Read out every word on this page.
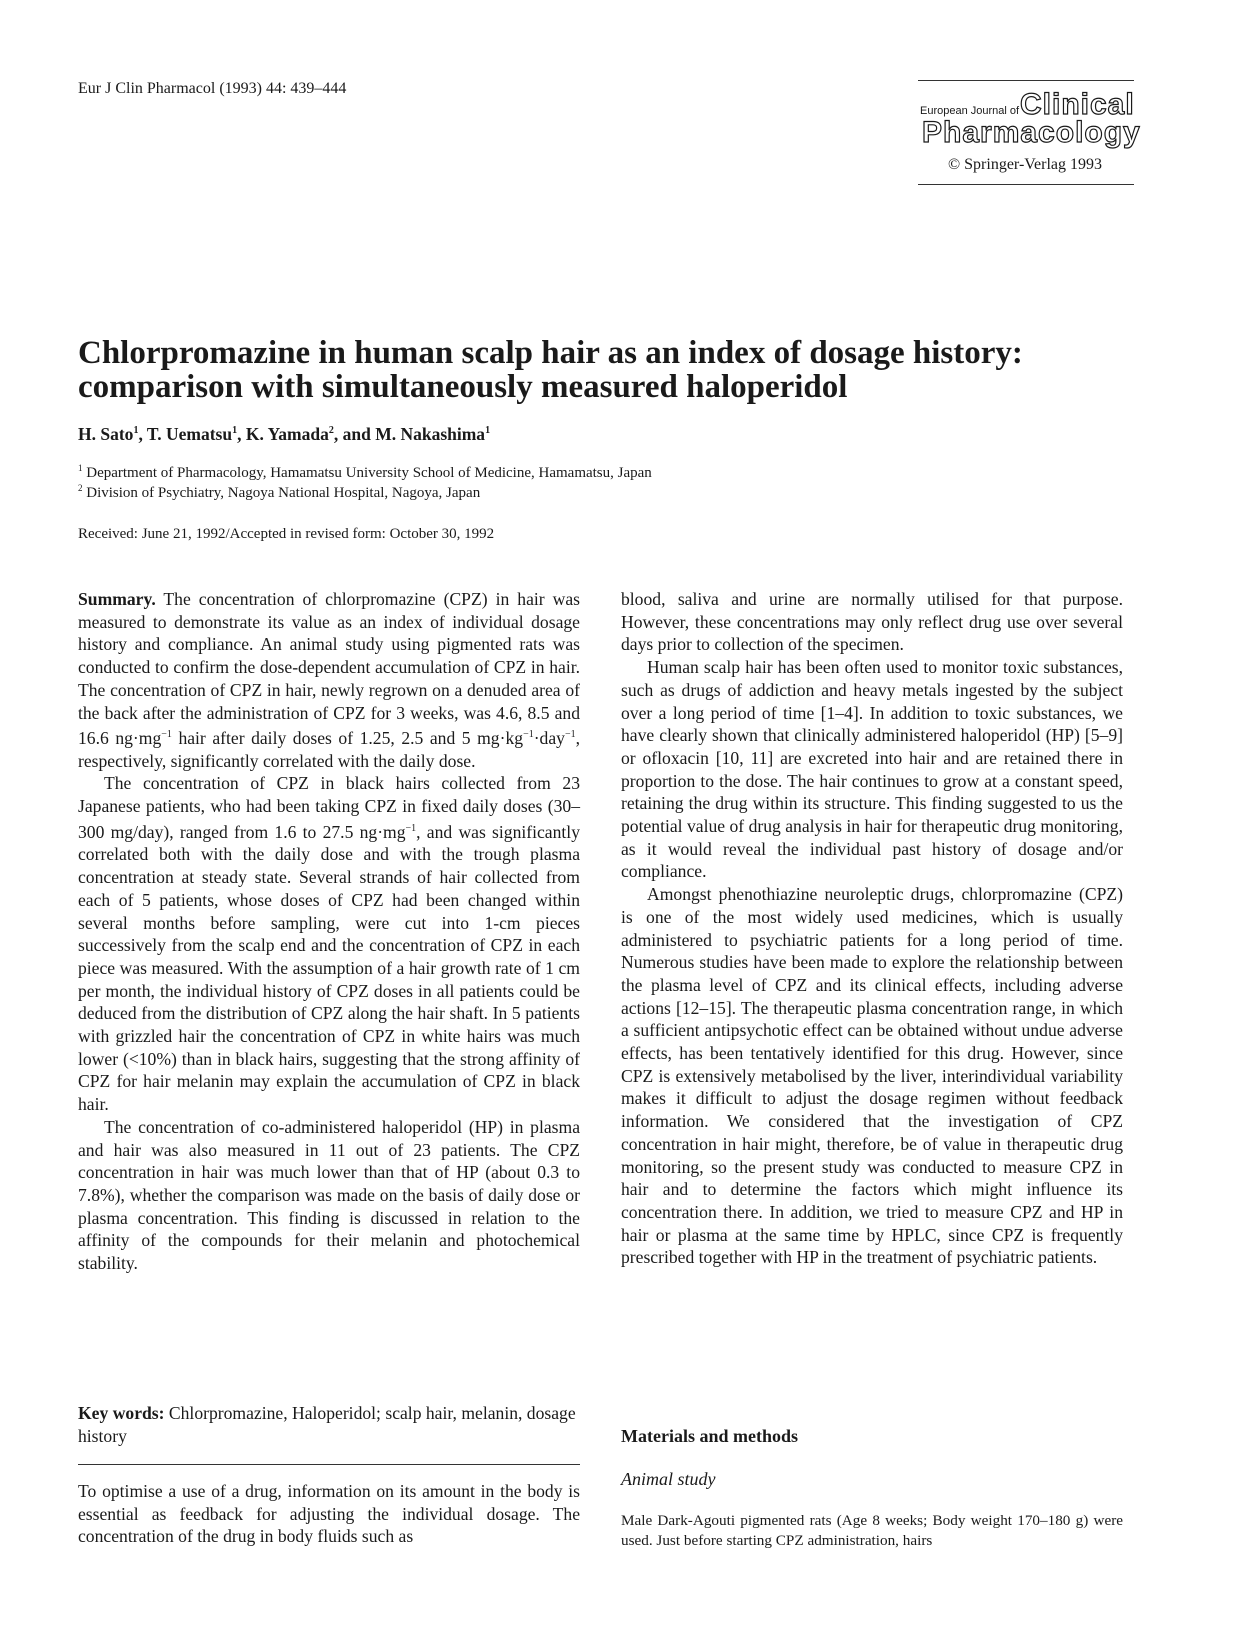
Eur J Clin Pharmacol (1993) 44: 439–444
European Journal of Clinical
Pharmacology
© Springer-Verlag 1993
Chlorpromazine in human scalp hair as an index of dosage history:
comparison with simultaneously measured haloperidol
H. Sato$^1$, T. Uematsu$^1$, K. Yamada$^2$, and M. Nakashima$^1$
$^1$ Department of Pharmacology, Hamamatsu University School of Medicine, Hamamatsu, Japan
$^2$ Division of Psychiatry, Nagoya National Hospital, Nagoya, Japan
Received: June 21, 1992/Accepted in revised form: October 30, 1992

Summary. The concentration of chlorpromazine (CPZ) in hair was measured to demonstrate its value as an index of individual dosage history and compliance. An animal study using pigmented rats was conducted to confirm the dose-dependent accumulation of CPZ in hair. The concentration of CPZ in hair, newly regrown on a denuded area of the back after the administration of CPZ for 3 weeks, was 4.6, 8.5 and 16.6 $ng\cdot mg^{-1}$ hair after daily doses of 1.25, 2.5 and 5 $mg\cdot kg^{-1}\cdot day^{-1}$, respectively, significantly correlated with the daily dose.

The concentration of CPZ in black hairs collected from 23 Japanese patients, who had been taking CPZ in fixed daily doses (30–300 mg/day), ranged from 1.6 to 27.5 $ng\cdot mg^{-1}$, and was significantly correlated both with the daily dose and with the trough plasma concentration at steady state. Several strands of hair collected from each of 5 patients, whose doses of CPZ had been changed within several months before sampling, were cut into 1-cm pieces successively from the scalp end and the concentration of CPZ in each piece was measured. With the assumption of a hair growth rate of 1 cm per month, the individual history of CPZ doses in all patients could be deduced from the distribution of CPZ along the hair shaft. In 5 patients with grizzled hair the concentration of CPZ in white hairs was much lower (<10%) than in black hairs, suggesting that the strong affinity of CPZ for hair melanin may explain the accumulation of CPZ in black hair.

The concentration of co-administered haloperidol (HP) in plasma and hair was also measured in 11 out of 23 patients. The CPZ concentration in hair was much lower than that of HP (about 0.3 to 7.8%), whether the comparison was made on the basis of daily dose or plasma concentration. This finding is discussed in relation to the affinity of the compounds for their melanin and photochemical stability.

Key words: Chlorpromazine, Haloperidol; scalp hair, melanin, dosage history

To optimise a use of a drug, information on its amount in the body is essential as feedback for adjusting the individual dosage. The concentration of the drug in body fluids such as

blood, saliva and urine are normally utilised for that purpose. However, these concentrations may only reflect drug use over several days prior to collection of the specimen.

Human scalp hair has been often used to monitor toxic substances, such as drugs of addiction and heavy metals ingested by the subject over a long period of time [1–4]. In addition to toxic substances, we have clearly shown that clinically administered haloperidol (HP) [5–9] or ofloxacin [10, 11] are excreted into hair and are retained there in proportion to the dose. The hair continues to grow at a constant speed, retaining the drug within its structure. This finding suggested to us the potential value of drug analysis in hair for therapeutic drug monitoring, as it would reveal the individual past history of dosage and/or compliance.

Amongst phenothiazine neuroleptic drugs, chlorpromazine (CPZ) is one of the most widely used medicines, which is usually administered to psychiatric patients for a long period of time. Numerous studies have been made to explore the relationship between the plasma level of CPZ and its clinical effects, including adverse actions [12–15]. The therapeutic plasma concentration range, in which a sufficient antipsychotic effect can be obtained without undue adverse effects, has been tentatively identified for this drug. However, since CPZ is extensively metabolised by the liver, interindividual variability makes it difficult to adjust the dosage regimen without feedback information. We considered that the investigation of CPZ concentration in hair might, therefore, be of value in therapeutic drug monitoring, so the present study was conducted to measure CPZ in hair and to determine the factors which might influence its concentration there. In addition, we tried to measure CPZ and HP in hair or plasma at the same time by HPLC, since CPZ is frequently prescribed together with HP in the treatment of psychiatric patients.

Materials and methods
Animal study
Male Dark-Agouti pigmented rats (Age 8 weeks; Body weight 170–180 g) were used. Just before starting CPZ administration, hairs
